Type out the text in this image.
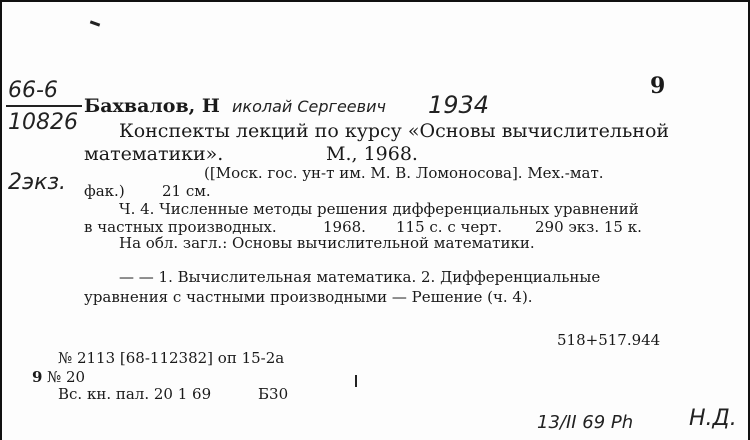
9
66-6
10826
2экз.
Бахвалов, Н иколай Сергеевич 1934
Конспекты лекций по курсу «Основы вычислительной
математики».	М., 1968.
([Моск. гос. ун-т им. М. В. Ломоносова]. Мех.-мат.
фак.) 21 см.
Ч. 4. Численные методы решения дифференциальных уравнений
в частных производных.	1968. 115 с. с черт. 290 экз. 15 к.
На обл. загл.: Основы вычислительной математики.
— — 1. Вычислительная математика. 2. Дифференциальные
уравнения с частными производными — Решение (ч. 4).
518+517.944
№ 2113 [68-112382] оп 15-2а
9 № 20
Вс. кн. пал. 20 1 69	Б30
13/II 69 Рh	Н.Д.
